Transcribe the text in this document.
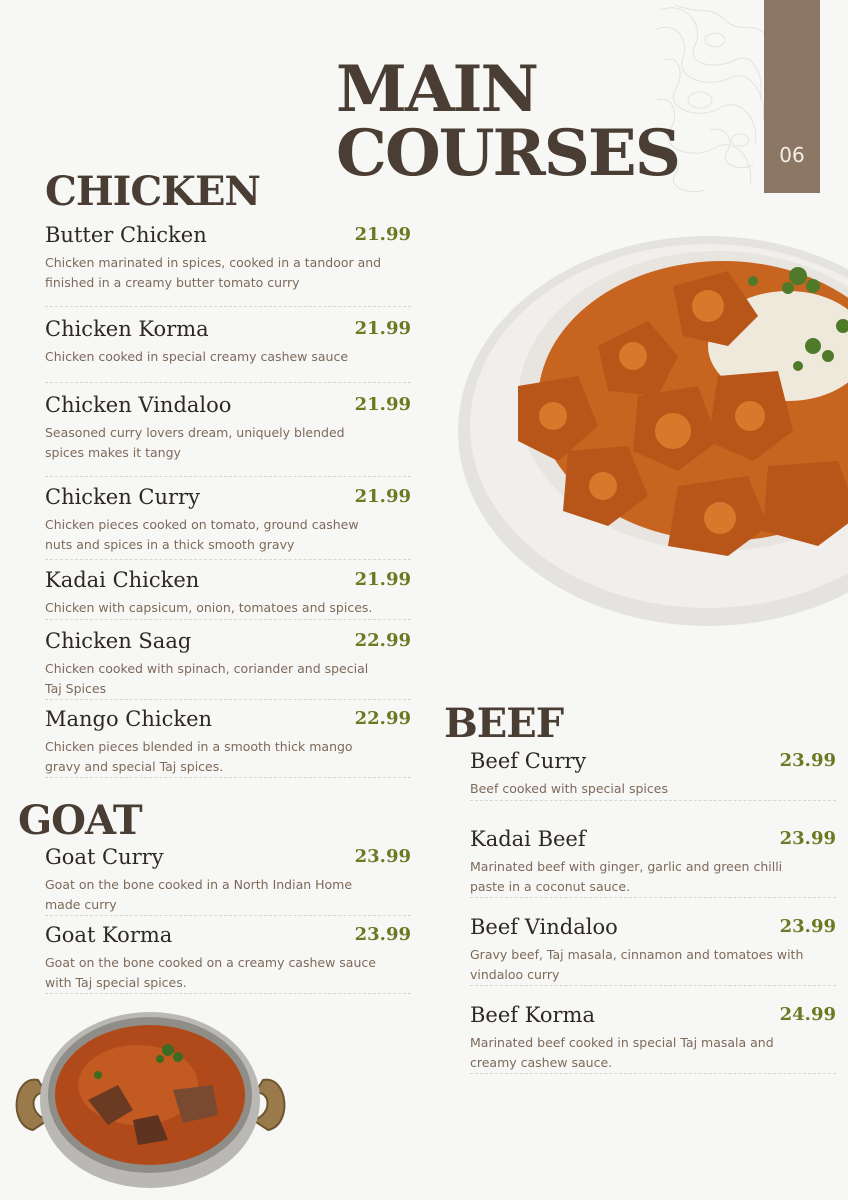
06
MAIN
COURSES
CHICKEN
Butter Chicken	21.99

Chicken marinated in spices, cooked in a tandoor and finished in a creamy butter tomato curry

Chicken Korma	21.99

Chicken cooked in special creamy cashew sauce

Chicken Vindaloo	21.99

Seasoned curry lovers dream, uniquely blended spices makes it tangy

Chicken Curry	21.99

Chicken pieces cooked on tomato, ground cashew nuts and spices in a thick smooth gravy

Kadai Chicken	21.99

Chicken with capsicum, onion, tomatoes and spices.

Chicken Saag	22.99

Chicken cooked with spinach, coriander and special Taj Spices

Mango Chicken	22.99

Chicken pieces blended in a smooth thick mango gravy and special Taj spices.

GOAT
Goat Curry	23.99

Goat on the bone cooked in a North Indian Home made curry

Goat Korma	23.99

Goat on the bone cooked on a creamy cashew sauce with Taj special spices.

BEEF
Beef Curry	23.99

Beef cooked with special spices

Kadai Beef	23.99

Marinated beef with ginger, garlic and green chilli paste in a coconut sauce.

Beef Vindaloo	23.99

Gravy beef, Taj masala, cinnamon and tomatoes with vindaloo curry

Beef Korma	24.99

Marinated beef cooked in special Taj masala and creamy cashew sauce.
